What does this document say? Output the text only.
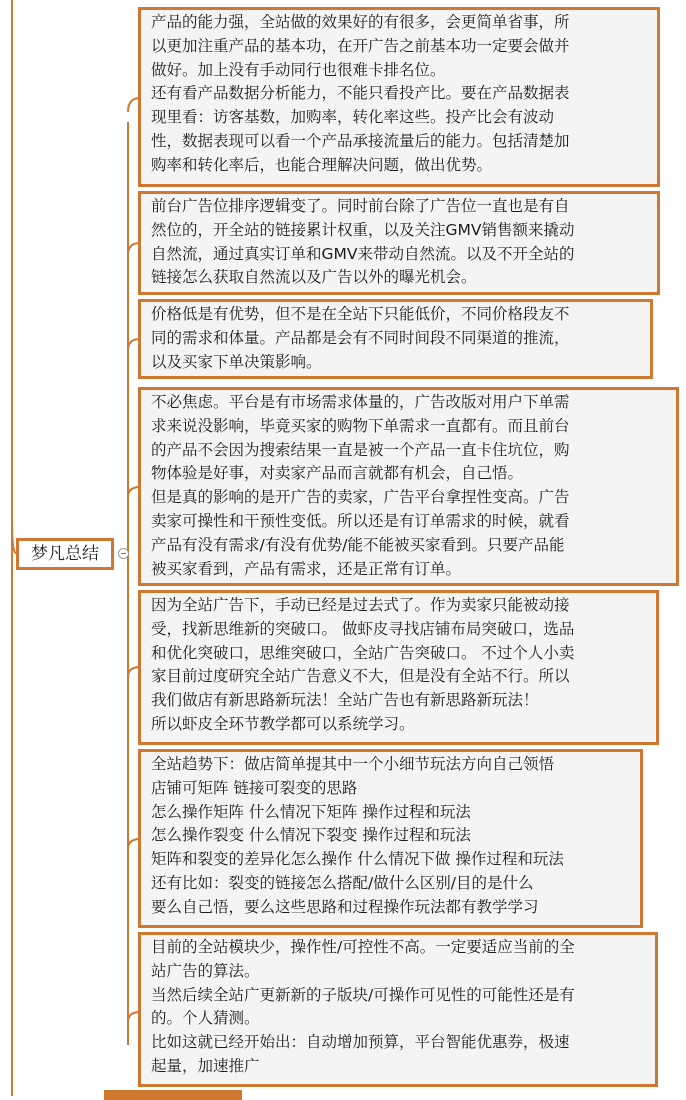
梦凡总结
产品的能力强，全站做的效果好的有很多，会更简单省事，所
以更加注重产品的基本功，在开广告之前基本功一定要会做并
做好。加上没有手动同行也很难卡排名位。
还有看产品数据分析能力，不能只看投产比。要在产品数据表
现里看：访客基数，加购率，转化率这些。投产比会有波动
性，数据表现可以看一个产品承接流量后的能力。包括清楚加
购率和转化率后，也能合理解决问题，做出优势。
前台广告位排序逻辑变了。同时前台除了广告位一直也是有自
然位的，开全站的链接累计权重，以及关注GMV销售额来撬动
自然流，通过真实订单和GMV来带动自然流。以及不开全站的
链接怎么获取自然流以及广告以外的曝光机会。
价格低是有优势，但不是在全站下只能低价，不同价格段友不
同的需求和体量。产品都是会有不同时间段不同渠道的推流，
以及买家下单决策影响。
不必焦虑。平台是有市场需求体量的，广告改版对用户下单需
求来说没影响，毕竟买家的购物下单需求一直都有。而且前台
的产品不会因为搜索结果一直是被一个产品一直卡住坑位，购
物体验是好事，对卖家产品而言就都有机会，自己悟。
但是真的影响的是开广告的卖家，广告平台拿捏性变高。广告
卖家可操性和干预性变低。所以还是有订单需求的时候，就看
产品有没有需求/有没有优势/能不能被买家看到。只要产品能
被买家看到，产品有需求，还是正常有订单。
因为全站广告下，手动已经是过去式了。作为卖家只能被动接
受，找新思维新的突破口。 做虾皮寻找店铺布局突破口，选品
和优化突破口，思维突破口，全站广告突破口。 不过个人小卖
家目前过度研究全站广告意义不大，但是没有全站不行。所以
我们做店有新思路新玩法！全站广告也有新思路新玩法！
所以虾皮全环节教学都可以系统学习。
全站趋势下：做店简单提其中一个小细节玩法方向自己领悟
店铺可矩阵 链接可裂变的思路
怎么操作矩阵 什么情况下矩阵 操作过程和玩法
怎么操作裂变 什么情况下裂变 操作过程和玩法
矩阵和裂变的差异化怎么操作 什么情况下做 操作过程和玩法
还有比如：裂变的链接怎么搭配/做什么区别/目的是什么
要么自己悟，要么这些思路和过程操作玩法都有教学学习
目前的全站模块少，操作性/可控性不高。一定要适应当前的全
站广告的算法。
当然后续全站广更新新的子版块/可操作可见性的可能性还是有
的。个人猜测。
比如这就已经开始出：自动增加预算，平台智能优惠券，极速
起量，加速推广
